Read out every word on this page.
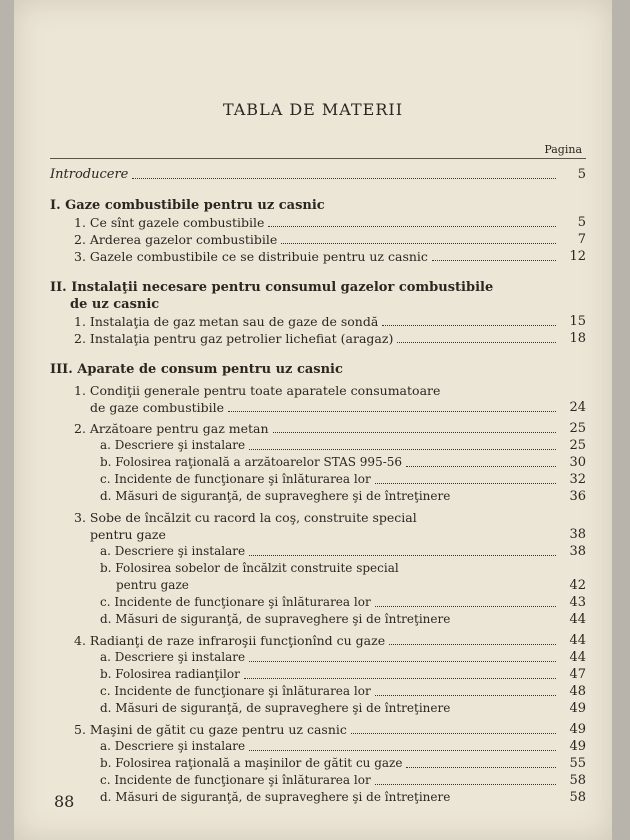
TABLA DE MATERII
Pagina
Introducere	5
I. Gaze combustibile pentru uz casnic
1. Ce sînt gazele combustibile	5
2. Arderea gazelor combustibile	7
3. Gazele combustibile ce se distribuie pentru uz casnic	12
II. Instalaţii necesare pentru consumul gazelor combustibile
de uz casnic
1. Instalaţia de gaz metan sau de gaze de sondă	15
2. Instalaţia pentru gaz petrolier lichefiat (aragaz)	18
III. Aparate de consum pentru uz casnic
1. Condiţii generale pentru toate aparatele consumatoare
de gaze combustibile	24
2. Arzătoare pentru gaz metan	25
a. Descriere şi instalare	25
b. Folosirea raţională a arzătoarelor STAS 995-56	30
c. Incidente de funcţionare şi înlăturarea lor	32
d. Măsuri de siguranţă, de supraveghere şi de întreţinere	36
3. Sobe de încălzit cu racord la coş, construite special
pentru gaze	38
a. Descriere şi instalare	38
b. Folosirea sobelor de încălzit construite special
pentru gaze	42
c. Incidente de funcţionare şi înlăturarea lor	43
d. Măsuri de siguranţă, de supraveghere şi de întreţinere	44
4. Radianţi de raze infraroşii funcţionînd cu gaze	44
a. Descriere şi instalare	44
b. Folosirea radianţilor	47
c. Incidente de funcţionare şi înlăturarea lor	48
d. Măsuri de siguranţă, de supraveghere şi de întreţinere	49
5. Maşini de gătit cu gaze pentru uz casnic	49
a. Descriere şi instalare	49
b. Folosirea raţională a maşinilor de gătit cu gaze	55
c. Incidente de funcţionare şi înlăturarea lor	58
d. Măsuri de siguranţă, de supraveghere şi de întreţinere	58
88
